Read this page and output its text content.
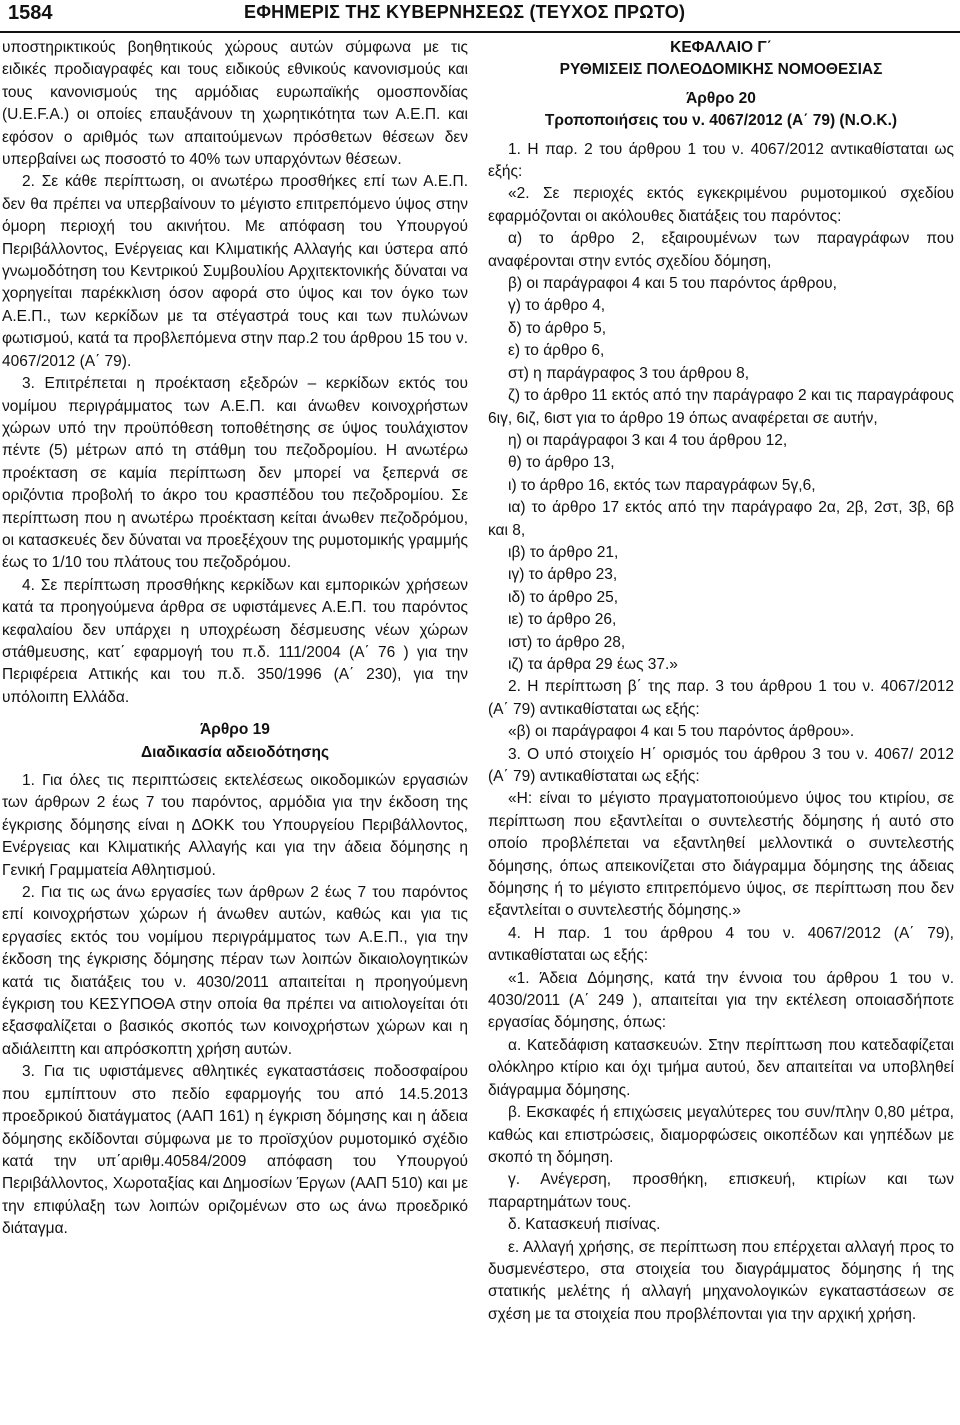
1584	ΕΦΗΜΕΡΙΣ ΤΗΣ ΚΥΒΕΡΝΗΣΕΩΣ (ΤΕΥΧΟΣ ΠΡΩΤΟ)

υποστηρικτικούς βοηθητικούς χώρους αυτών σύμφωνα με τις ειδικές προδιαγραφές και τους ειδικούς εθνικούς κανονισμούς και τους κανονισμούς της αρμόδιας ευρωπαϊκής ομοσπονδίας (U.E.F.A.) οι οποίες επαυξάνουν τη χωρητικότητα των Α.Ε.Π. και εφόσον ο αριθμός των απαιτούμενων πρόσθετων θέσεων δεν υπερβαίνει ως ποσοστό το 40% των υπαρχόντων θέσεων.

2. Σε κάθε περίπτωση, οι ανωτέρω προσθήκες επί των Α.Ε.Π. δεν θα πρέπει να υπερβαίνουν το μέγιστο επιτρεπόμενο ύψος στην όμορη περιοχή του ακινήτου. Με απόφαση του Υπουργού Περιβάλλοντος, Ενέργειας και Κλιματικής Αλλαγής και ύστερα από γνωμοδότηση του Κεντρικού Συμβουλίου Αρχιτεκτονικής δύναται να χορηγείται παρέκκλιση όσον αφορά στο ύψος και τον όγκο των Α.Ε.Π., των κερκίδων με τα στέγαστρά τους και των πυλώνων φωτισμού, κατά τα προβλεπόμενα στην παρ.2 του άρθρου 15 του ν. 4067/2012 (Α΄ 79).

3. Επιτρέπεται η προέκταση εξεδρών – κερκίδων εκτός του νομίμου περιγράμματος των Α.Ε.Π. και άνωθεν κοινοχρήστων χώρων υπό την προϋπόθεση τοποθέτησης σε ύψος τουλάχιστον πέντε (5) μέτρων από τη στάθμη του πεζοδρομίου. Η ανωτέρω προέκταση σε καμία περίπτωση δεν μπορεί να ξεπερνά σε οριζόντια προβολή το άκρο του κρασπέδου του πεζοδρομίου. Σε περίπτωση που η ανωτέρω προέκταση κείται άνωθεν πεζοδρόμου, οι κατασκευές δεν δύναται να προεξέχουν της ρυμοτομικής γραμμής έως το 1/10 του πλάτους του πεζοδρόμου.

4. Σε περίπτωση προσθήκης κερκίδων και εμπορικών χρήσεων κατά τα προηγούμενα άρθρα σε υφιστάμενες Α.Ε.Π. του παρόντος κεφαλαίου δεν υπάρχει η υποχρέωση δέσμευσης νέων χώρων στάθμευσης, κατ΄ εφαρμογή του π.δ. 111/2004 (Α΄ 76 ) για την Περιφέρεια Αττικής και του π.δ. 350/1996 (Α΄ 230), για την υπόλοιπη Ελλάδα.

Άρθρο 19

Διαδικασία αδειοδότησης

1. Για όλες τις περιπτώσεις εκτελέσεως οικοδομικών εργασιών των άρθρων 2 έως 7 του παρόντος, αρμόδια για την έκδοση της έγκρισης δόμησης είναι η ΔΟΚΚ του Υπουργείου Περιβάλλοντος, Ενέργειας και Κλιματικής Αλλαγής και για την άδεια δόμησης η Γενική Γραμματεία Αθλητισμού.

2. Για τις ως άνω εργασίες των άρθρων 2 έως 7 του παρόντος επί κοινοχρήστων χώρων ή άνωθεν αυτών, καθώς και για τις εργασίες εκτός του νομίμου περιγράμματος των Α.Ε.Π., για την έκδοση της έγκρισης δόμησης πέραν των λοιπών δικαιολογητικών κατά τις διατάξεις του ν. 4030/2011 απαιτείται η προηγούμενη έγκριση του ΚΕΣΥΠΟΘΑ στην οποία θα πρέπει να αιτιολογείται ότι εξασφαλίζεται ο βασικός σκοπός των κοινοχρήστων χώρων και η αδιάλειπτη και απρόσκοπτη χρήση αυτών.

3. Για τις υφιστάμενες αθλητικές εγκαταστάσεις ποδοσφαίρου που εμπίπτουν στο πεδίο εφαρμογής του από 14.5.2013 προεδρικού διατάγματος (ΑΑΠ 161) η έγκριση δόμησης και η άδεια δόμησης εκδίδονται σύμφωνα με το προϊσχύον ρυμοτομικό σχέδιο κατά την υπ΄αριθμ.40584/2009 απόφαση του Υπουργού Περιβάλλοντος, Χωροταξίας και Δημοσίων Έργων (ΑΑΠ 510) και με την επιφύλαξη των λοιπών οριζομένων στο ως άνω προεδρικό διάταγμα.

ΚΕΦΑΛΑΙΟ Γ΄

ΡΥΘΜΙΣΕΙΣ ΠΟΛΕΟΔΟΜΙΚΗΣ ΝΟΜΟΘΕΣΙΑΣ

Άρθρο 20

Τροποποιήσεις του ν. 4067/2012 (Α΄ 79) (Ν.Ο.Κ.)

1. Η παρ. 2 του άρθρου 1 του ν. 4067/2012 αντικαθίσταται ως εξής:

«2. Σε περιοχές εκτός εγκεκριμένου ρυμοτομικού σχεδίου εφαρμόζονται οι ακόλουθες διατάξεις του παρόντος:

α) το άρθρο 2, εξαιρουμένων των παραγράφων που αναφέρονται στην εντός σχεδίου δόμηση,

β) οι παράγραφοι 4 και 5 του παρόντος άρθρου,

γ) το άρθρο 4,

δ) το άρθρο 5,

ε) το άρθρο 6,

στ) η παράγραφος 3 του άρθρου 8,

ζ) το άρθρο 11 εκτός από την παράγραφο 2 και τις παραγράφους 6ιγ, 6ιζ, 6ιστ για το άρθρο 19 όπως αναφέρεται σε αυτήν,

η) οι παράγραφοι 3 και 4 του άρθρου 12,

θ) το άρθρο 13,

ι) το άρθρο 16, εκτός των παραγράφων 5γ,6,

ια) το άρθρο 17 εκτός από την παράγραφο 2α, 2β, 2στ, 3β, 6β και 8,

ιβ) το άρθρο 21,

ιγ) το άρθρο 23,

ιδ) το άρθρο 25,

ιε) το άρθρο 26,

ιστ) το άρθρο 28,

ιζ) τα άρθρα 29 έως 37.»

2. Η περίπτωση β΄ της παρ. 3 του άρθρου 1 του ν. 4067/2012 (Α΄ 79) αντικαθίσταται ως εξής:

«β) οι παράγραφοι 4 και 5 του παρόντος άρθρου».

3. Ο υπό στοιχείο Η΄ ορισμός του άρθρου 3 του ν. 4067/ 2012 (Α΄ 79) αντικαθίσταται ως εξής:

«Η: είναι το μέγιστο πραγματοποιούμενο ύψος του κτιρίου, σε περίπτωση που εξαντλείται ο συντελεστής δόμησης ή αυτό στο οποίο προβλέπεται να εξαντληθεί μελλοντικά ο συντελεστής δόμησης, όπως απεικονίζεται στο διάγραμμα δόμησης της άδειας δόμησης ή το μέγιστο επιτρεπόμενο ύψος, σε περίπτωση που δεν εξαντλείται ο συντελεστής δόμησης.»

4. Η παρ. 1 του άρθρου 4 του ν. 4067/2012 (Α΄ 79), αντικαθίσταται ως εξής:

«1. Άδεια Δόμησης, κατά την έννοια του άρθρου 1 του ν. 4030/2011 (Α΄ 249 ), απαιτείται για την εκτέλεση οποιασδήποτε εργασίας δόμησης, όπως:

α. Κατεδάφιση κατασκευών. Στην περίπτωση που κατεδαφίζεται ολόκληρο κτίριο και όχι τμήμα αυτού, δεν απαιτείται να υποβληθεί διάγραμμα δόμησης.

β. Εκσκαφές ή επιχώσεις μεγαλύτερες του συν/πλην 0,80 μέτρα, καθώς και επιστρώσεις, διαμορφώσεις οικοπέδων και γηπέδων με σκοπό τη δόμηση.

γ. Ανέγερση, προσθήκη, επισκευή, κτιρίων και των παραρτημάτων τους.

δ. Κατασκευή πισίνας.

ε. Αλλαγή χρήσης, σε περίπτωση που επέρχεται αλλαγή προς το δυσμενέστερο, στα στοιχεία του διαγράμματος δόμησης ή της στατικής μελέτης ή αλλαγή μηχανολογικών εγκαταστάσεων σε σχέση με τα στοιχεία που προβλέπονται για την αρχική χρήση.
